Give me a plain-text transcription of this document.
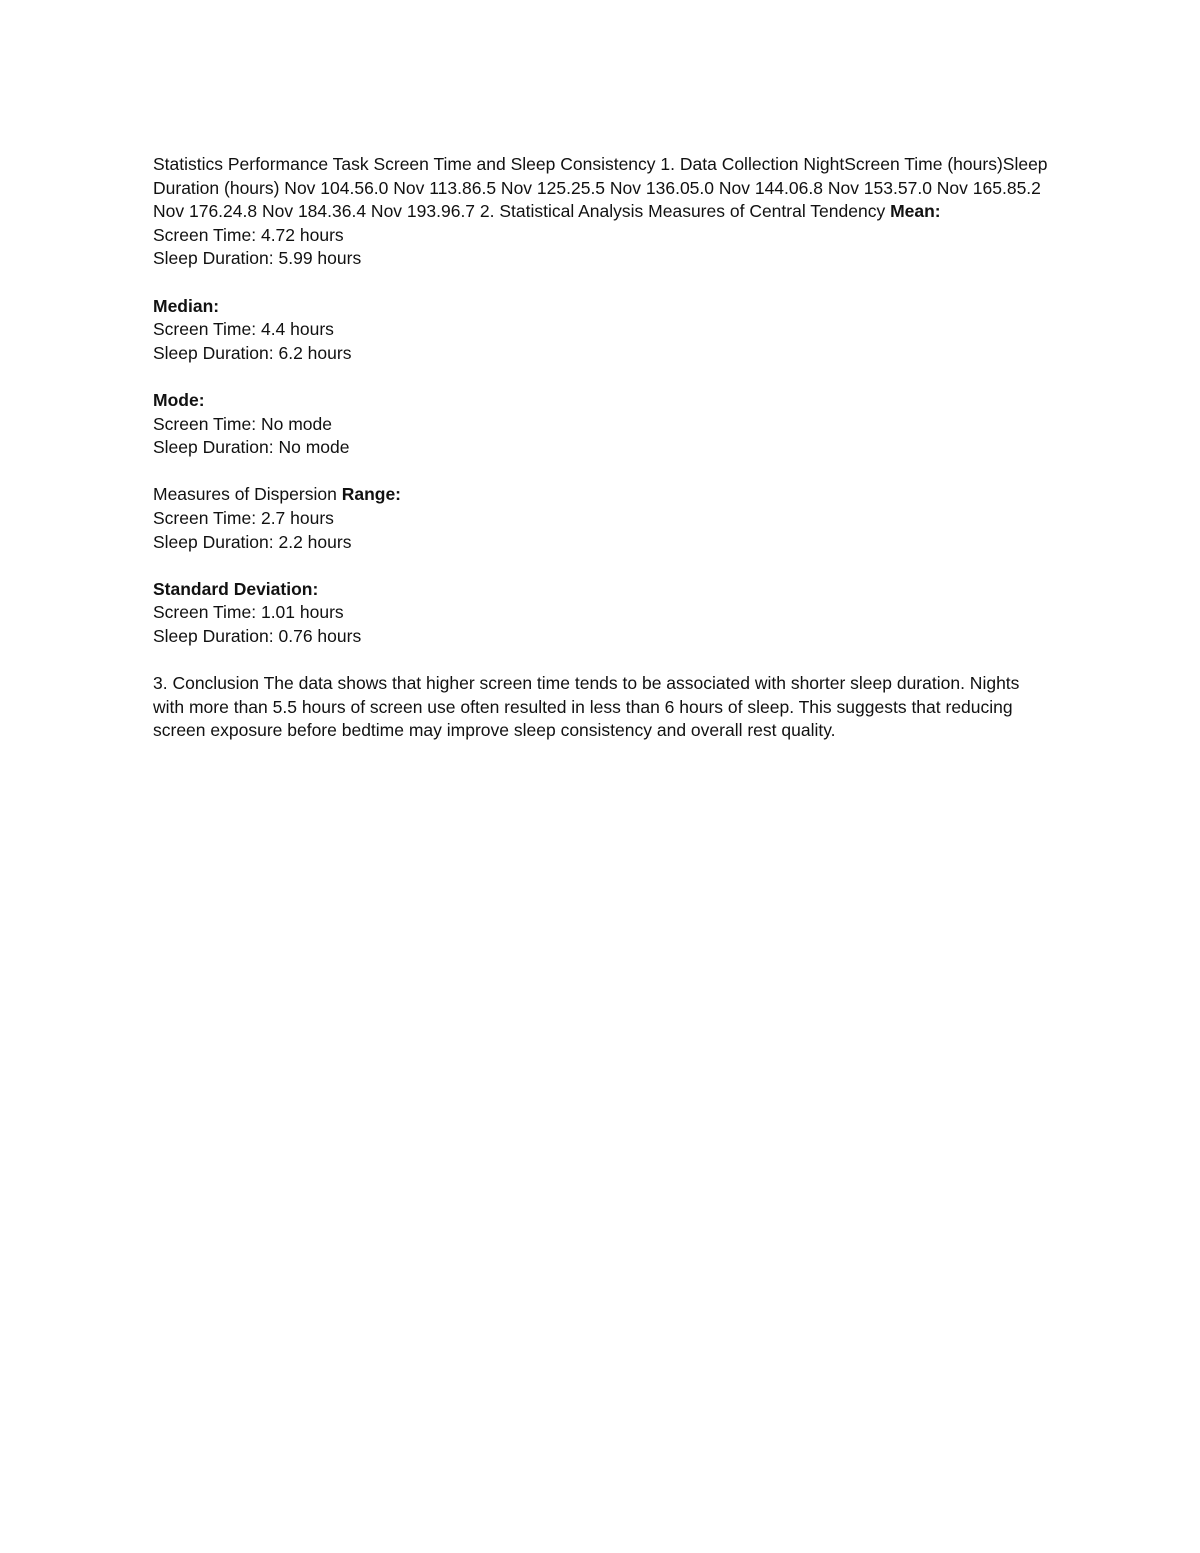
Statistics Performance Task Screen Time and Sleep Consistency 1. Data Collection NightScreen Time (hours)Sleep Duration (hours) Nov 104.56.0 Nov 113.86.5 Nov 125.25.5 Nov 136.05.0 Nov 144.06.8 Nov 153.57.0 Nov 165.85.2 Nov 176.24.8 Nov 184.36.4 Nov 193.96.7 2. Statistical Analysis Measures of Central Tendency Mean:
Screen Time: 4.72 hours
Sleep Duration: 5.99 hours
Median:
Screen Time: 4.4 hours
Sleep Duration: 6.2 hours
Mode:
Screen Time: No mode
Sleep Duration: No mode
Measures of Dispersion Range:
Screen Time: 2.7 hours
Sleep Duration: 2.2 hours
Standard Deviation:
Screen Time: 1.01 hours
Sleep Duration: 0.76 hours

3. Conclusion The data shows that higher screen time tends to be associated with shorter sleep duration. Nights with more than 5.5 hours of screen use often resulted in less than 6 hours of sleep. This suggests that reducing screen exposure before bedtime may improve sleep consistency and overall rest quality.
